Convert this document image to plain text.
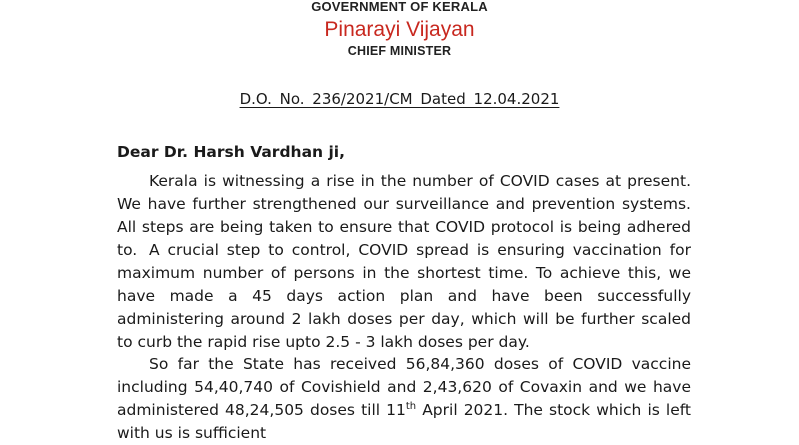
GOVERNMENT OF KERALA
Pinarayi Vijayan
CHIEF MINISTER
D.O. No. 236/2021/CM Dated 12.04.2021
Dear Dr. Harsh Vardhan ji,
Kerala is witnessing a rise in the number of COVID cases at present. We have further strengthened our surveillance and prevention systems. All steps are being taken to ensure that COVID protocol is being adhered to. A crucial step to control, COVID spread is ensuring vaccination for maximum number of persons in the shortest time. To achieve this, we have made a 45 days action plan and have been successfully administering around 2 lakh doses per day, which will be further scaled to curb the rapid rise upto 2.5 - 3 lakh doses per day.
So far the State has received 56,84,360 doses of COVID vaccine including 54,40,740 of Covishield and 2,43,620 of Covaxin and we have administered 48,24,505 doses till 11th April 2021. The stock which is left with us is sufficient
